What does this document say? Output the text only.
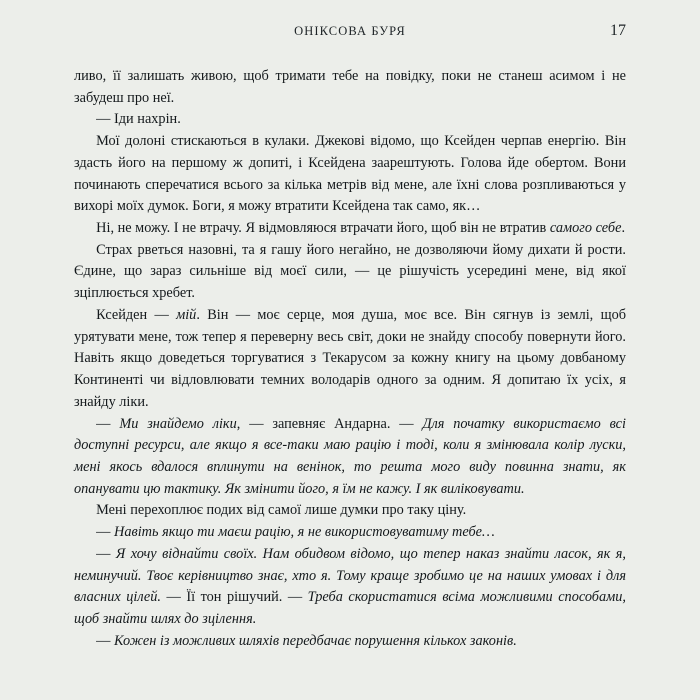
ОНІКСОВА БУРЯ	17

ливо, її залишать живою, щоб тримати тебе на повідку, поки не станеш асимом і не забудеш про неї.

— Іди нахрін.

Мої долоні стискаються в кулаки. Джекові відомо, що Ксейден черпав енергію. Він здасть його на першому ж допиті, і Ксейдена заарештують. Голова йде обертом. Вони починають сперечатися всього за кілька метрів від мене, але їхні слова розпливаються у вихорі моїх думок. Боги, я можу втратити Ксейдена так само, як…

Ні, не можу. І не втрачу. Я відмовляюся втрачати його, щоб він не втратив самого себе.

Страх рветься назовні, та я гашу його негайно, не дозволяючи йому дихати й рости. Єдине, що зараз сильніше від моєї сили, — це рішучість усередині мене, від якої зціплюється хребет.

Ксейден — мій. Він — моє серце, моя душа, моє все. Він сягнув із землі, щоб урятувати мене, тож тепер я переверну весь світ, доки не знайду способу повернути його. Навіть якщо доведеться торгуватися з Текарусом за кожну книгу на цьому довбаному Континенті чи відловлювати темних володарів одного за одним. Я допитаю їх усіх, я знайду ліки.

— Ми знайдемо ліки, — запевняє Андарна. — Для початку використаємо всі доступні ресурси, але якщо я все-таки маю рацію і тоді, коли я змінювала колір луски, мені якось вдалося вплинути на венінок, то решта мого виду повинна знати, як опанувати цю тактику. Як змінити його, я їм не кажу. І як виліковувати.

Мені перехоплює подих від самої лише думки про таку ціну.

— Навіть якщо ти маєш рацію, я не використовуватиму тебе…

— Я хочу віднайти своїх. Нам обидвом відомо, що тепер наказ знайти ласок, як я, неминучий. Твоє керівництво знає, хто я. Тому краще зробимо це на наших умовах і для власних цілей. — Її тон рішучий. — Треба скористатися всіма можливими способами, щоб знайти шлях до зцілення.

— Кожен із можливих шляхів передбачає порушення кількох законів.
